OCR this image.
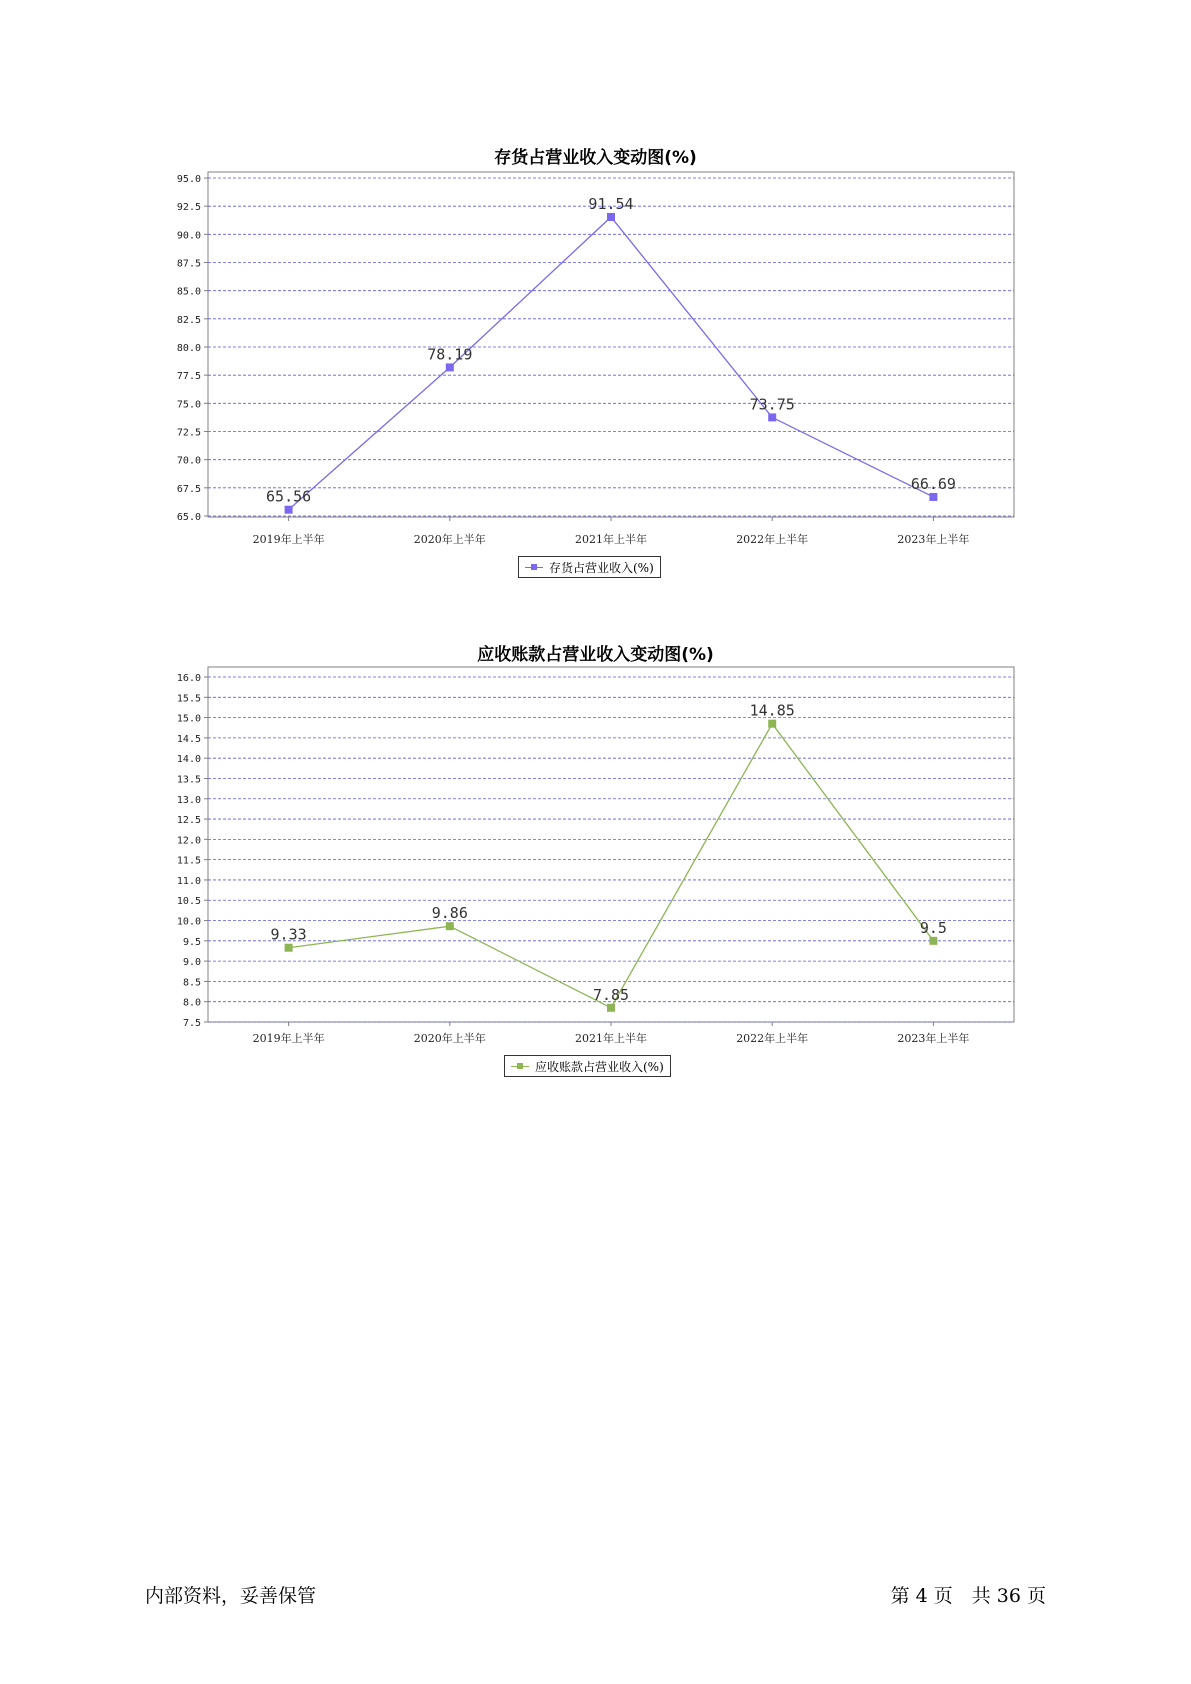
存货占营业收入变动图(%)
65.0
67.5
70.0
72.5
75.0
77.5
80.0
82.5
85.0
87.5
90.0
92.5
95.0
2019年上半年	2020年上半年	2021年上半年	2022年上半年	2023年上半年
65.56
78.19
91.54
73.75
66.69
存货占营业收入(%)
应收账款占营业收入变动图(%)
7.5
8.0
8.5
9.0
9.5
10.0
10.5
11.0
11.5
12.0
12.5
13.0
13.5
14.0
14.5
15.0
15.5
16.0
2019年上半年	2020年上半年	2021年上半年	2022年上半年	2023年上半年
9.33
9.86
7.85
14.85
9.5
应收账款占营业收入(%)
内部资料，妥善保管	第 4 页　共 36 页
